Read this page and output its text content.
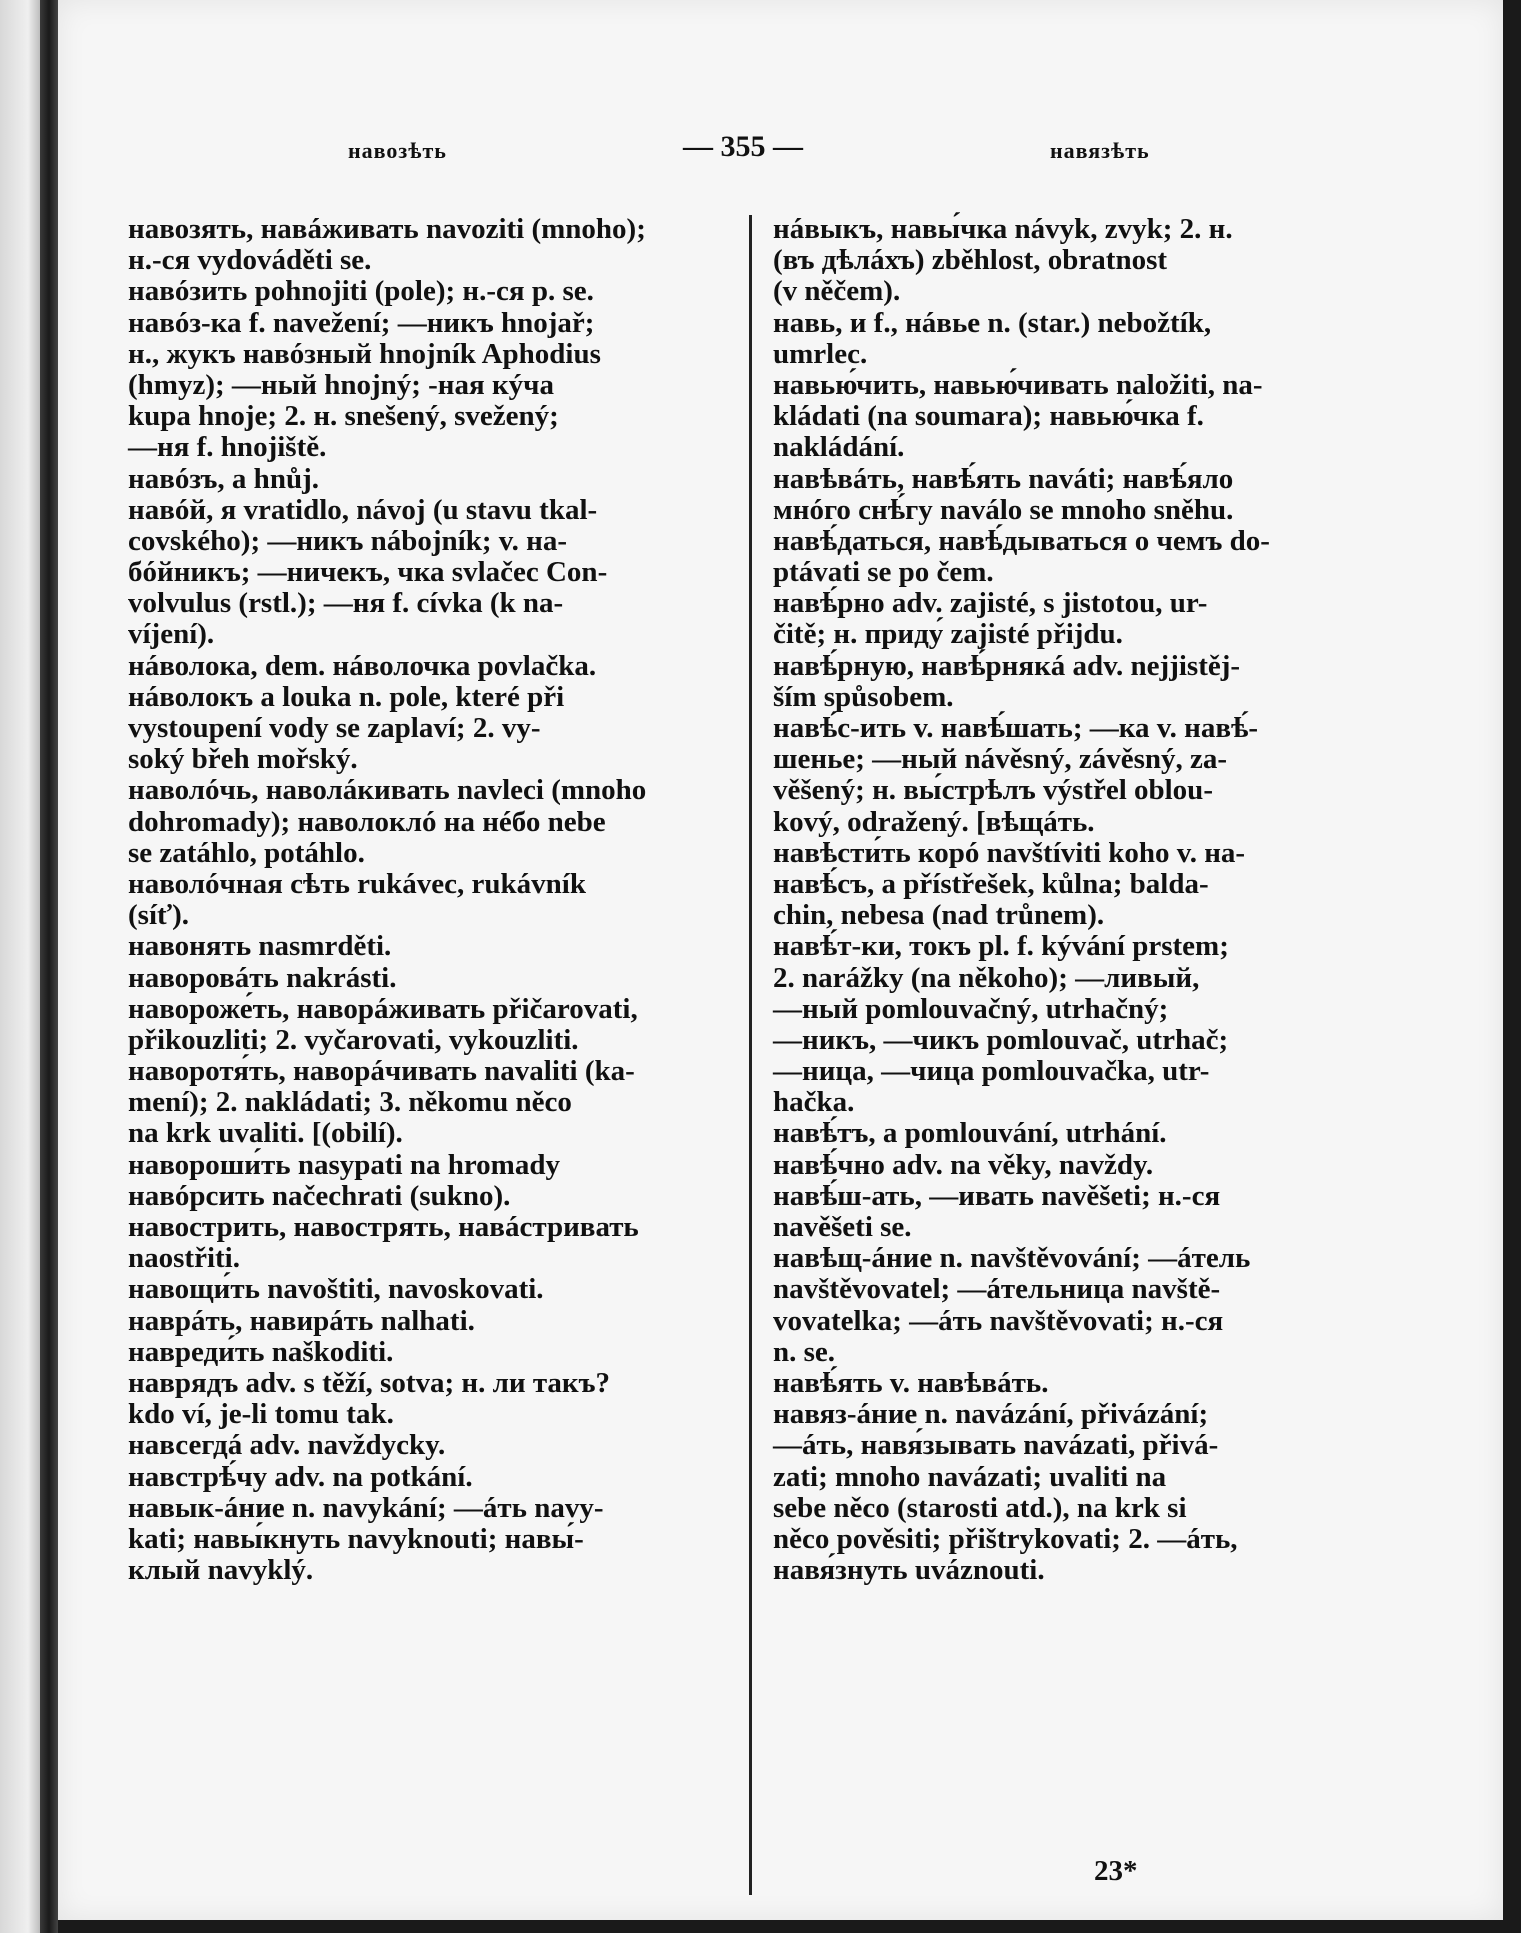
навозѣть	— 355 —	навязѣть
навозять, навáживать navoziti (mnoho);
н.-ся vydováděti se.
навóзить pohnojiti (pole); н.-ся p. se.
навóз-ка f. navežení; —никъ hnojař;
н., жукъ навóзный hnojník Aphodius
(hmyz); —ный hnojný; -ная кýча
kupa hnoje; 2. н. snešený, svežený;
—ня f. hnojiště.
навóзъ, a hnůj.
навóй, я vratidlo, návoj (u stavu tkal-
covského); —никъ nábojník; v. на-
бóйникъ; —ничекъ, чка svlačec Con-
volvulus (rstl.); —ня f. cívka (k na-
víjení).
нáволока, dem. нáволочка povlačka.
нáволокъ a louka n. pole, které při
vystoupení vody se zaplaví; 2. vy-
soký břeh mořský.
наволóчь, наволáкивать navleci (mnoho
dohromady); наволоклó на нéбо nebe
se zatáhlo, potáhlo.
наволóчная сѣть rukávec, rukávník
(síť).
навонять nasmrděti.
наворовáть nakrásti.
навороже́ть, наворáживать přičarovati,
přikouzliti; 2. vyčarovati, vykouzliti.
наворотя́ть, наворáчивать navaliti (ka-
mení); 2. nakládati; 3. někomu něco
na krk uvaliti. [(obilí).
навороши́ть nasypati na hromady
навóрсить načechrati (sukno).
навострить, навострять, навáстривать
naostřiti.
навощи́ть navoštiti, navoskovati.
наврáть, навирáть nalhati.
навреди́ть naškoditi.
наврядъ adv. s těží, sotva; н. ли такъ?
kdo ví, je-li tomu tak.
навсегдá adv. navždycky.
навстрѣ́чу adv. na potkání.
навык-áние n. navykání; —áть navy-
kati; навы́кнуть navyknouti; навы́-
клый navyklý.
нáвыкъ, навы́чка návyk, zvyk; 2. н.
(въ дѣлáхъ) zběhlost, obratnost
(v něčem).
навь, и f., нáвье n. (star.) nebožtík,
umrlec.
навью́чить, навью́чивать naložiti, na-
kládati (na soumara); навью́чка f.
nakládání.
навѣвáть, навѣ́ять naváti; навѣ́яло
мнóго снѣ́гу naválo se mnoho sněhu.
навѣ́даться, навѣ́дываться о чемъ do-
ptávati se po čem.
навѣ́рно adv. zajisté, s jistotou, ur-
čitě; н. приду́ zajisté přijdu.
навѣ́рную, навѣ́рнякá adv. nejjistěj-
ším spůsobem.
навѣ́с-ить v. навѣ́шать; —ка v. навѣ́-
шенье; —ный návěsný, závěsný, za-
věšený; н. вы́стрѣлъ výstřel oblou-
kový, odražený. [вѣщáть.
навѣсти́ть корó navštíviti koho v. на-
навѣ́съ, a přístřešek, kůlna; balda-
chin, nebesa (nad trůnem).
навѣ́т-ки, токъ pl. f. kývání prstem;
2. narážky (na někoho); —ливый,
—ный pomlouvačný, utrhačný;
—никъ, —чикъ pomlouvač, utrhač;
—ница, —чица pomlouvačka, utr-
hačka.
навѣ́тъ, a pomlouvání, utrhání.
навѣ́чно adv. na věky, navždy.
навѣ́ш-ать, —ивать navěšeti; н.-ся
navěšeti se.
навѣщ-áние n. navštěvování; —áтель
navštěvovatel; —áтельница navště-
vovatelka; —áть navštěvovati; н.-ся
n. se.
навѣ́ять v. навѣвáть.
навяз-áние n. navázání, přivázání;
—áть, навя́зывать navázati, přivá-
zati; mnoho navázati; uvaliti na
sebe něco (starosti atd.), na krk si
něco pověsiti; přištrykovati; 2. —áть,
навя́знуть uváznouti.
23*
